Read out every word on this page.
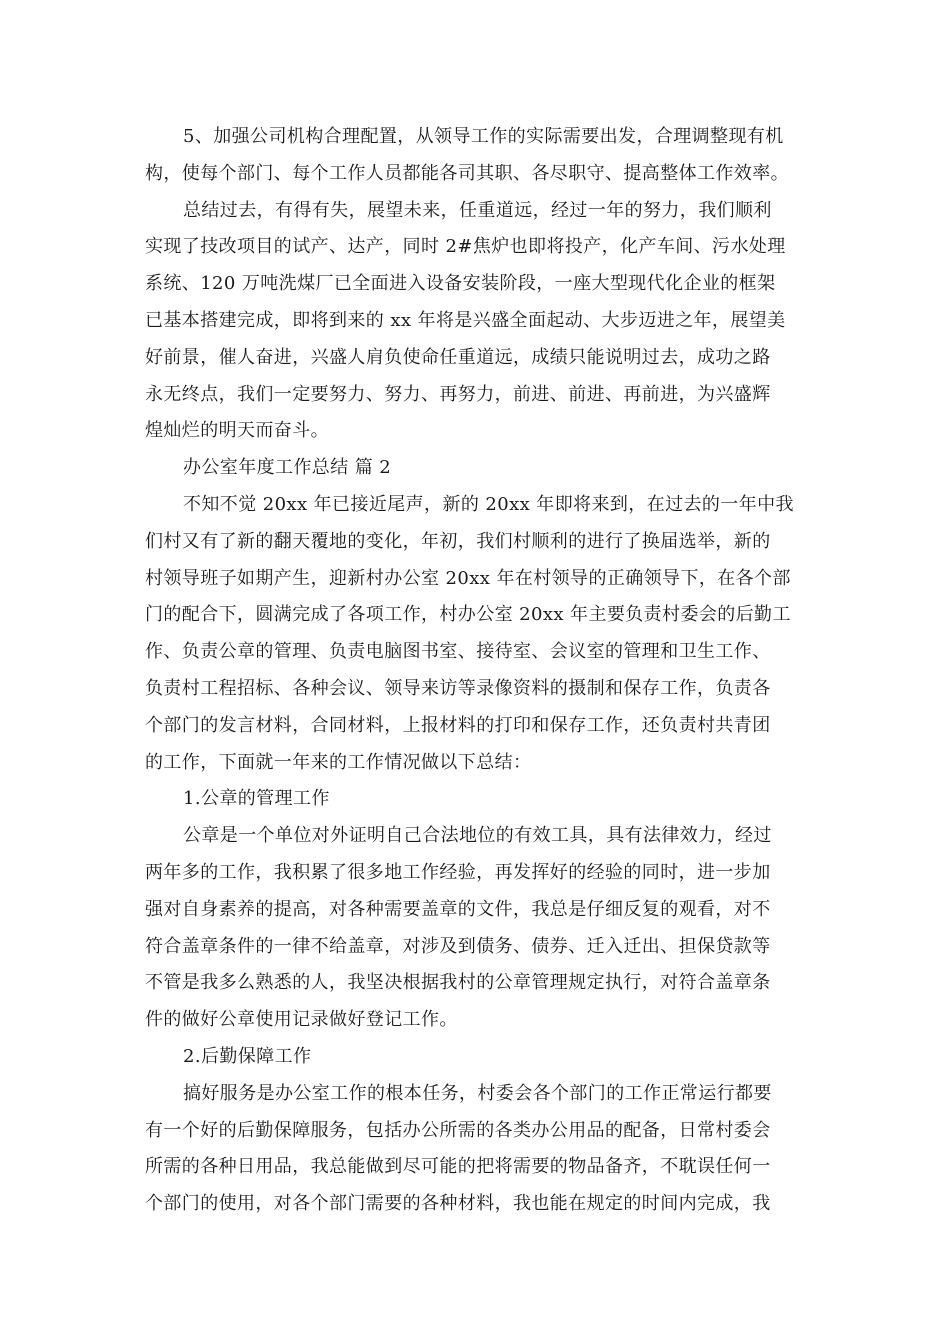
5、加强公司机构合理配置，从领导工作的实际需要出发，合理调整现有机
构，使每个部门、每个工作人员都能各司其职、各尽职守、提高整体工作效率。
总结过去，有得有失，展望未来，任重道远，经过一年的努力，我们顺利
实现了技改项目的试产、达产，同时 2#焦炉也即将投产，化产车间、污水处理
系统、120 万吨洗煤厂已全面进入设备安装阶段，一座大型现代化企业的框架
已基本搭建完成，即将到来的 xx 年将是兴盛全面起动、大步迈进之年，展望美
好前景，催人奋进，兴盛人肩负使命任重道远，成绩只能说明过去，成功之路
永无终点，我们一定要努力、努力、再努力，前进、前进、再前进，为兴盛辉
煌灿烂的明天而奋斗。
办公室年度工作总结 篇 2
不知不觉 20xx 年已接近尾声，新的 20xx 年即将来到，在过去的一年中我
们村又有了新的翻天覆地的变化，年初，我们村顺利的进行了换届选举，新的
村领导班子如期产生，迎新村办公室 20xx 年在村领导的正确领导下，在各个部
门的配合下，圆满完成了各项工作，村办公室 20xx 年主要负责村委会的后勤工
作、负责公章的管理、负责电脑图书室、接待室、会议室的管理和卫生工作、
负责村工程招标、各种会议、领导来访等录像资料的摄制和保存工作，负责各
个部门的发言材料，合同材料，上报材料的打印和保存工作，还负责村共青团
的工作，下面就一年来的工作情况做以下总结：
1.公章的管理工作
公章是一个单位对外证明自己合法地位的有效工具，具有法律效力，经过
两年多的工作，我积累了很多地工作经验，再发挥好的经验的同时，进一步加
强对自身素养的提高，对各种需要盖章的文件，我总是仔细反复的观看，对不
符合盖章条件的一律不给盖章，对涉及到债务、债券、迁入迁出、担保贷款等
不管是我多么熟悉的人，我坚决根据我村的公章管理规定执行，对符合盖章条
件的做好公章使用记录做好登记工作。
2.后勤保障工作
搞好服务是办公室工作的根本任务，村委会各个部门的工作正常运行都要
有一个好的后勤保障服务，包括办公所需的各类办公用品的配备，日常村委会
所需的各种日用品，我总能做到尽可能的把将需要的物品备齐，不耽误任何一
个部门的使用，对各个部门需要的各种材料，我也能在规定的时间内完成，我
